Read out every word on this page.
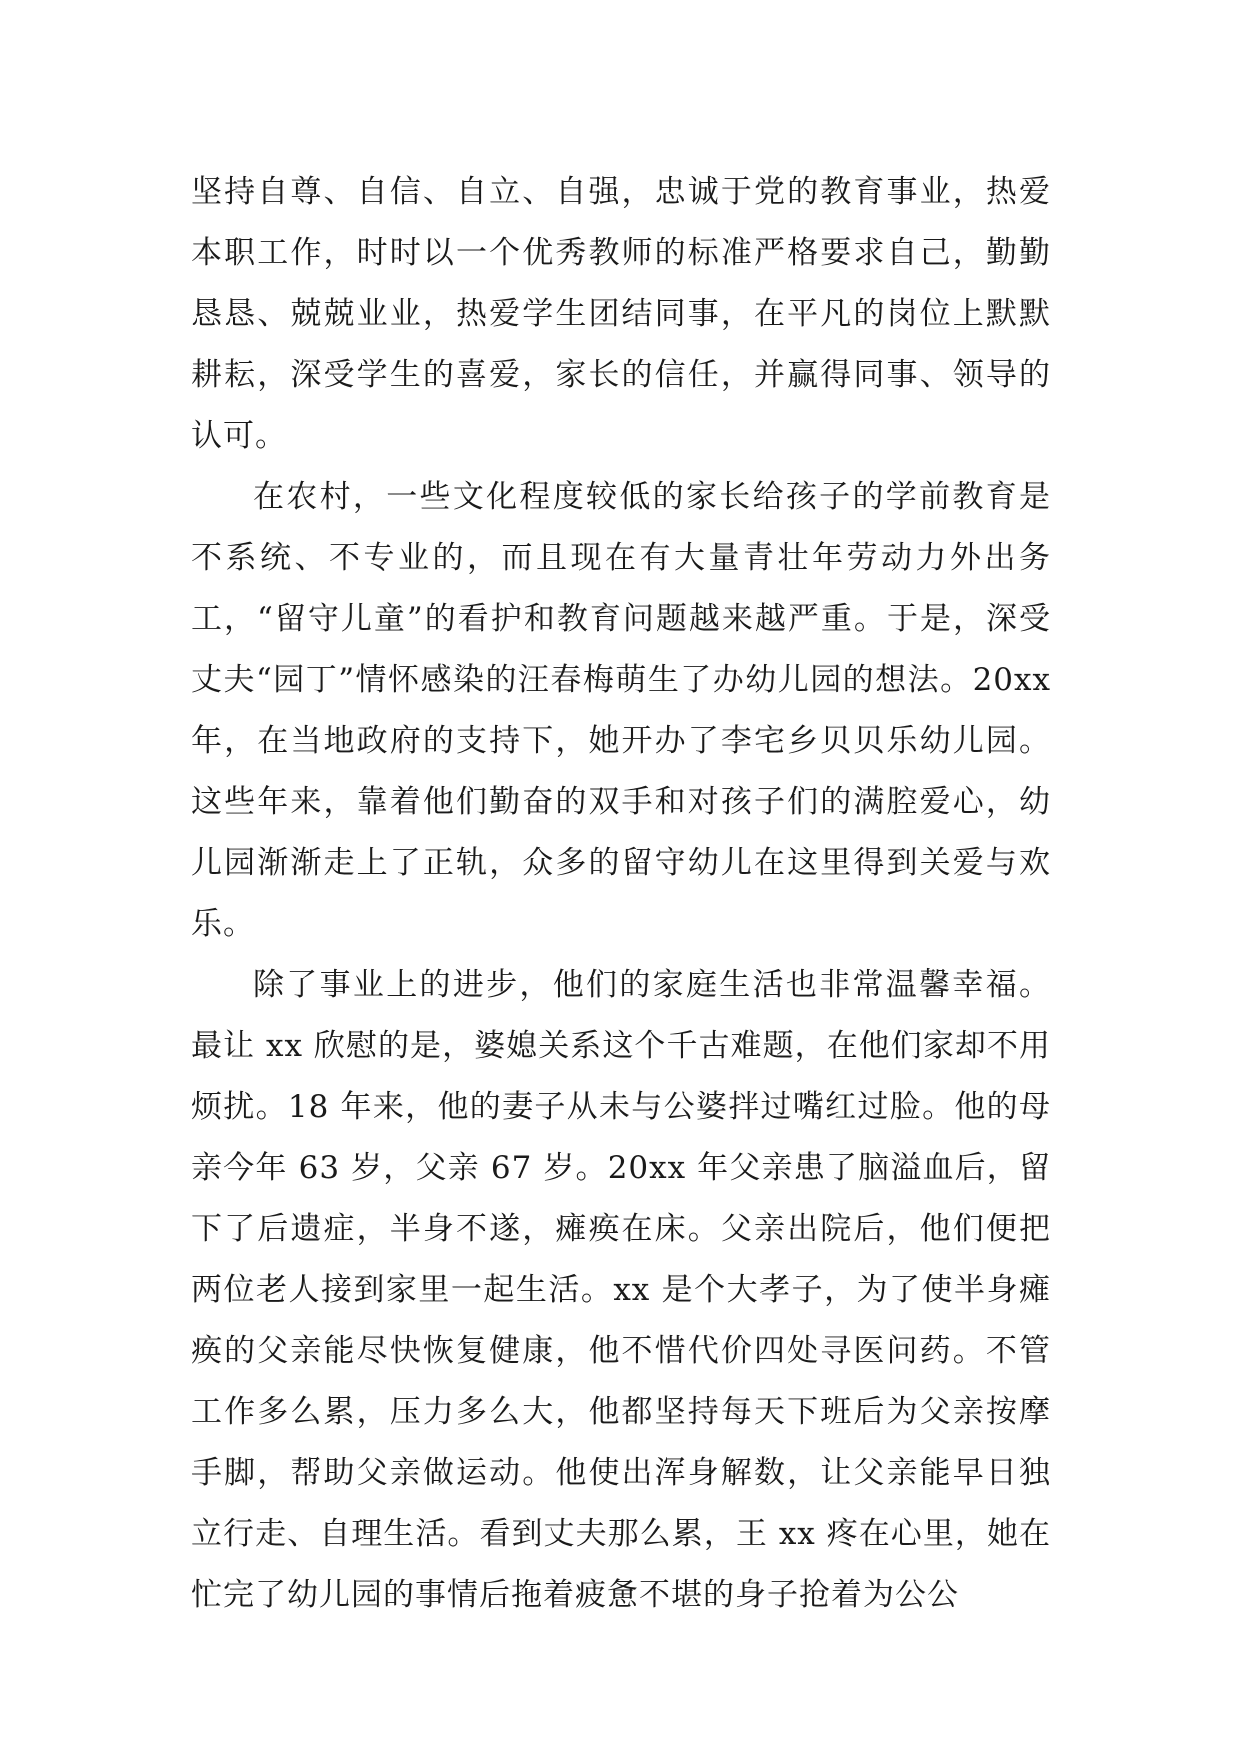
坚持自尊、自信、自立、自强，忠诚于党的教育事业，热爱本职工作，时时以一个优秀教师的标准严格要求自己，勤勤恳恳、兢兢业业，热爱学生团结同事，在平凡的岗位上默默耕耘，深受学生的喜爱，家长的信任，并赢得同事、领导的认可。

在农村，一些文化程度较低的家长给孩子的学前教育是不系统、不专业的，而且现在有大量青壮年劳动力外出务工，“留守儿童”的看护和教育问题越来越严重。于是，深受丈夫“园丁”情怀感染的汪春梅萌生了办幼儿园的想法。20xx年，在当地政府的支持下，她开办了李宅乡贝贝乐幼儿园。这些年来，靠着他们勤奋的双手和对孩子们的满腔爱心，幼儿园渐渐走上了正轨，众多的留守幼儿在这里得到关爱与欢乐。

除了事业上的进步，他们的家庭生活也非常温馨幸福。最让 xx 欣慰的是，婆媳关系这个千古难题，在他们家却不用烦扰。18 年来，他的妻子从未与公婆拌过嘴红过脸。他的母亲今年 63 岁，父亲 67 岁。20xx 年父亲患了脑溢血后，留下了后遗症，半身不遂，瘫痪在床。父亲出院后，他们便把两位老人接到家里一起生活。xx 是个大孝子，为了使半身瘫痪的父亲能尽快恢复健康，他不惜代价四处寻医问药。不管工作多么累，压力多么大，他都坚持每天下班后为父亲按摩手脚，帮助父亲做运动。他使出浑身解数，让父亲能早日独立行走、自理生活。看到丈夫那么累，王 xx 疼在心里，她在忙完了幼儿园的事情后拖着疲惫不堪的身子抢着为公公
